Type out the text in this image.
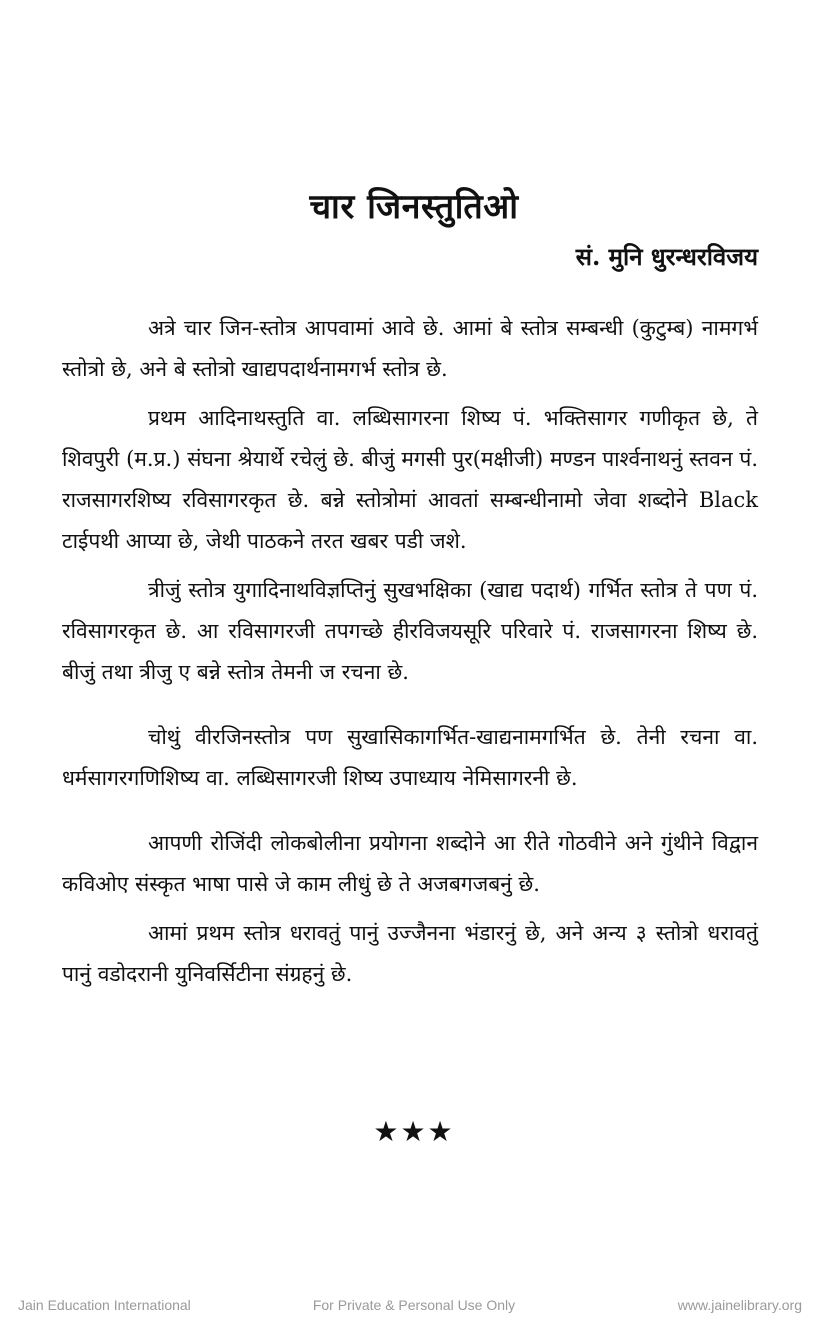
चार जिनस्तुतिओ

सं. मुनि धुरन्धरविजय

अत्रे चार जिन-स्तोत्र आपवामां आवे छे. आमां बे स्तोत्र सम्बन्धी (कुटुम्ब) नामगर्भ स्तोत्रो छे, अने बे स्तोत्रो खाद्यपदार्थनामगर्भ स्तोत्र छे.

प्रथम आदिनाथस्तुति वा. लब्धिसागरना शिष्य पं. भक्तिसागर गणीकृत छे, ते शिवपुरी (म.प्र.) संघना श्रेयार्थे रचेलुं छे. बीजुं मगसी पुर(मक्षीजी) मण्डन पार्श्वनाथनुं स्तवन पं. राजसागरशिष्य रविसागरकृत छे. बन्ने स्तोत्रोमां आवतां सम्बन्धीनामो जेवा शब्दोने Black टाईपथी आप्या छे, जेथी पाठकने तरत खबर पडी जशे.

त्रीजुं स्तोत्र युगादिनाथविज्ञप्तिनुं सुखभक्षिका (खाद्य पदार्थ) गर्भित स्तोत्र ते पण पं. रविसागरकृत छे. आ रविसागरजी तपगच्छे हीरविजयसूरि परिवारे पं. राजसागरना शिष्य छे. बीजुं तथा त्रीजु ए बन्ने स्तोत्र तेमनी ज रचना छे.

चोथुं वीरजिनस्तोत्र पण सुखासिकागर्भित-खाद्यनामगर्भित छे. तेनी रचना वा. धर्मसागरगणिशिष्य वा. लब्धिसागरजी शिष्य उपाध्याय नेमिसागरनी छे.

आपणी रोजिंदी लोकबोलीना प्रयोगना शब्दोने आ रीते गोठवीने अने गुंथीने विद्वान कविओए संस्कृत भाषा पासे जे काम लीधुं छे ते अजबगजबनुं छे.

आमां प्रथम स्तोत्र धरावतुं पानुं उज्जैनना भंडारनुं छे, अने अन्य ३ स्तोत्रो धरावतुं पानुं वडोदरानी युनिवर्सिटीना संग्रहनुं छे.

★★★
Jain Education International	For Private & Personal Use Only	www.jainelibrary.org
